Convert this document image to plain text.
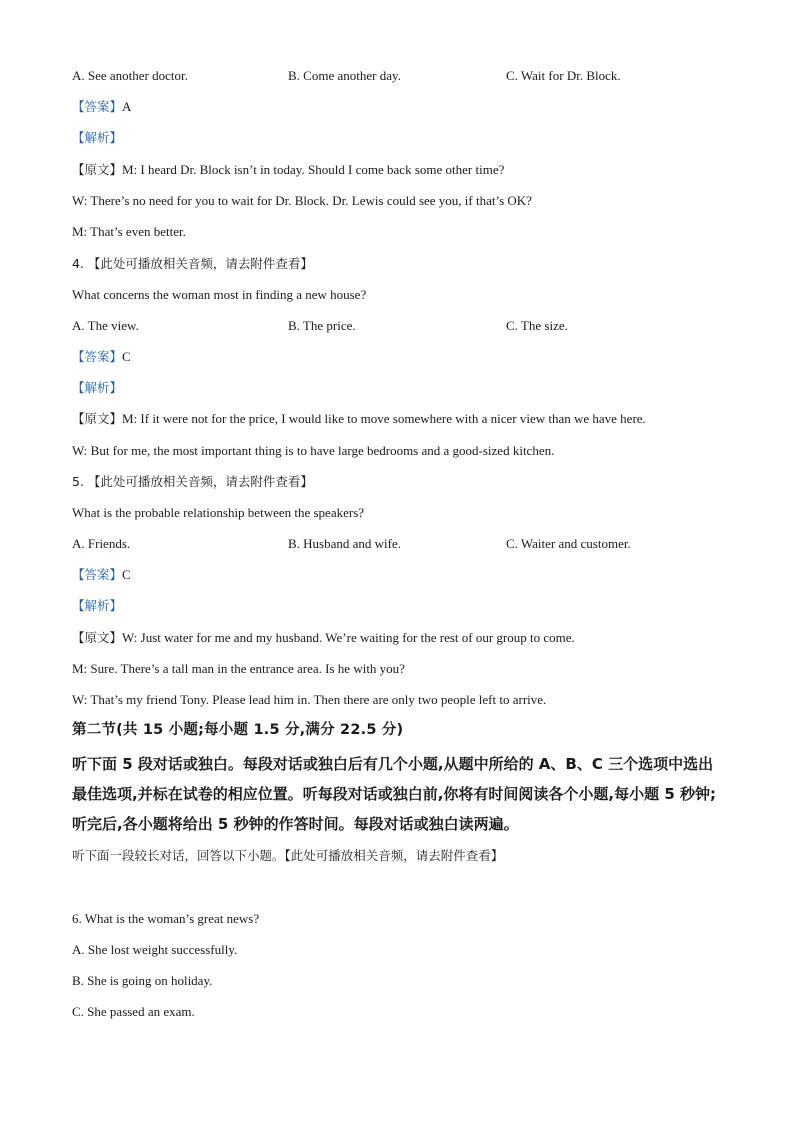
A. See another doctor.	B. Come another day.	C. Wait for Dr. Block.
【答案】A
【解析】
【原文】M: I heard Dr. Block isn’t in today. Should I come back some other time?
W: There’s no need for you to wait for Dr. Block. Dr. Lewis could see you, if that’s OK?
M: That’s even better.
4. 【此处可播放相关音频，请去附件查看】
What concerns the woman most in finding a new house?
A. The view.	B. The price.	C. The size.
【答案】C
【解析】
【原文】M: If it were not for the price, I would like to move somewhere with a nicer view than we have here.
W: But for me, the most important thing is to have large bedrooms and a good-sized kitchen.
5. 【此处可播放相关音频，请去附件查看】
What is the probable relationship between the speakers?
A. Friends.	B. Husband and wife.	C. Waiter and customer.
【答案】C
【解析】
【原文】W: Just water for me and my husband. We’re waiting for the rest of our group to come.
M: Sure. There’s a tall man in the entrance area. Is he with you?
W: That’s my friend Tony. Please lead him in. Then there are only two people left to arrive.
第二节(共 15 小题;每小题 1.5 分,满分 22.5 分)
听下面 5 段对话或独白。每段对话或独白后有几个小题,从题中所给的 A、B、C 三个选项中选出最佳选项,并标在试卷的相应位置。听每段对话或独白前,你将有时间阅读各个小题,每小题 5 秒钟;听完后,各小题将给出 5 秒钟的作答时间。每段对话或独白读两遍。
听下面一段较长对话，回答以下小题。【此处可播放相关音频，请去附件查看】
6. What is the woman’s great news?
A. She lost weight successfully.
B. She is going on holiday.
C. She passed an exam.
